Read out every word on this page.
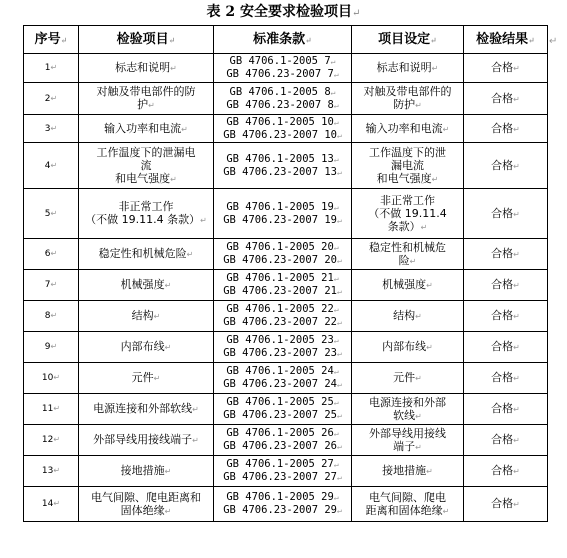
表 2 安全要求检验项目↵
序号↵	检验项目↵	标准条款↵	项目设定↵	检验结果↵
1↵	标志和说明↵	GB 4706.1-2005 7↵
GB 4706.23-2007 7↵	标志和说明↵	合格↵
2↵	对触及带电部件的防
护↵	GB 4706.1-2005 8↵
GB 4706.23-2007 8↵	对触及带电部件的
防护↵	合格↵
3↵	输入功率和电流↵	GB 4706.1-2005 10↵
GB 4706.23-2007 10↵	输入功率和电流↵	合格↵
4↵	工作温度下的泄漏电
流
和电气强度↵	GB 4706.1-2005 13↵
GB 4706.23-2007 13↵	工作温度下的泄
漏电流
和电气强度↵	合格↵
5↵	非正常工作
（不做 19.11.4 条款）↵	GB 4706.1-2005 19↵
GB 4706.23-2007 19↵	非正常工作
（不做 19.11.4
条款）↵	合格↵
6↵	稳定性和机械危险↵	GB 4706.1-2005 20↵
GB 4706.23-2007 20↵	稳定性和机械危
险↵	合格↵
7↵	机械强度↵	GB 4706.1-2005 21↵
GB 4706.23-2007 21↵	机械强度↵	合格↵
8↵	结构↵	GB 4706.1-2005 22↵
GB 4706.23-2007 22↵	结构↵	合格↵
9↵	内部布线↵	GB 4706.1-2005 23↵
GB 4706.23-2007 23↵	内部布线↵	合格↵
10↵	元件↵	GB 4706.1-2005 24↵
GB 4706.23-2007 24↵	元件↵	合格↵
11↵	电源连接和外部软线↵	GB 4706.1-2005 25↵
GB 4706.23-2007 25↵	电源连接和外部
软线↵	合格↵
12↵	外部导线用接线端子↵	GB 4706.1-2005 26↵
GB 4706.23-2007 26↵	外部导线用接线
端子↵	合格↵
13↵	接地措施↵	GB 4706.1-2005 27↵
GB 4706.23-2007 27↵	接地措施↵	合格↵
14↵	电气间隙、爬电距离和
固体绝缘↵	GB 4706.1-2005 29↵
GB 4706.23-2007 29↵	电气间隙、爬电
距离和固体绝缘↵	合格↵
↵
